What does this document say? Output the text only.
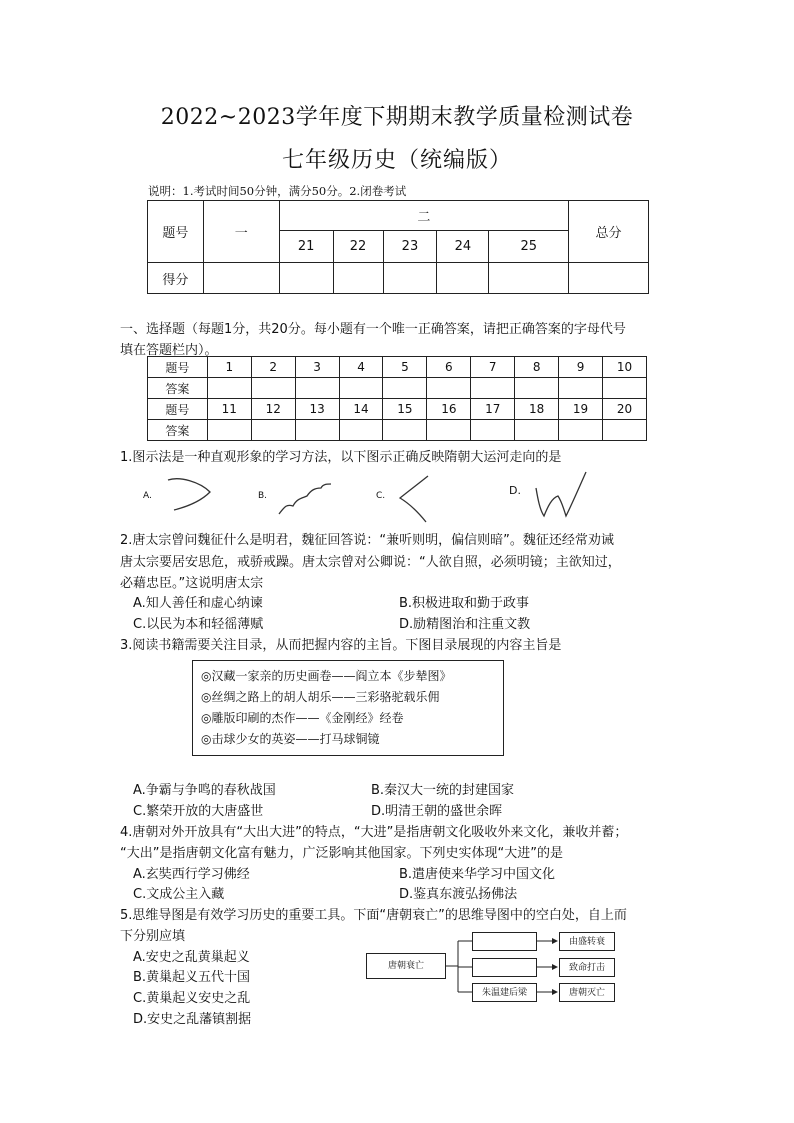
2022~2023学年度下期期末教学质量检测试卷
七年级历史（统编版）
说明：1.考试时间50分钟，满分50分。2.闭卷考试
题号	一	二					总分
		21	22	23	24	25	
得分							
一、选择题（每题1分，共20分。每小题有一个唯一正确答案，请把正确答案的字母代号
填在答题栏内）。
题号	1	2	3	4	5	6	7	8	9	10
答案										
题号	11	12	13	14	15	16	17	18	19	20
答案										
1.图示法是一种直观形象的学习方法，以下图示正确反映隋朝大运河走向的是
A.	B.	C.	D.
2.唐太宗曾问魏征什么是明君，魏征回答说：“兼听则明，偏信则暗”。魏征还经常劝诫
唐太宗要居安思危，戒骄戒躁。唐太宗曾对公卿说：“人欲自照，必须明镜；主欲知过，
必藉忠臣。”这说明唐太宗
A.知人善任和虚心纳谏	B.积极进取和勤于政事
C.以民为本和轻徭薄赋	D.励精图治和注重文教
3.阅读书籍需要关注目录，从而把握内容的主旨。下图目录展现的内容主旨是
◎汉藏一家亲的历史画卷——阎立本《步辇图》
◎丝绸之路上的胡人胡乐——三彩骆驼载乐佣
◎雕版印刷的杰作——《金刚经》经卷
◎击球少女的英姿——打马球铜镜
A.争霸与争鸣的春秋战国	B.秦汉大一统的封建国家
C.繁荣开放的大唐盛世	D.明清王朝的盛世余晖
4.唐朝对外开放具有“大出大进”的特点，“大进”是指唐朝文化吸收外来文化，兼收并蓄；
“大出”是指唐朝文化富有魅力，广泛影响其他国家。下列史实体现“大进”的是
A.玄奘西行学习佛经	B.遣唐使来华学习中国文化
C.文成公主入藏	D.鉴真东渡弘扬佛法
5.思维导图是有效学习历史的重要工具。下面“唐朝衰亡”的思维导图中的空白处，自上而
下分别应填
A.安史之乱黄巢起义
B.黄巢起义五代十国
C.黄巢起义安史之乱
D.安史之乱藩镇割据
唐朝衰亡
朱温建后梁
由盛转衰
致命打击
唐朝灭亡
